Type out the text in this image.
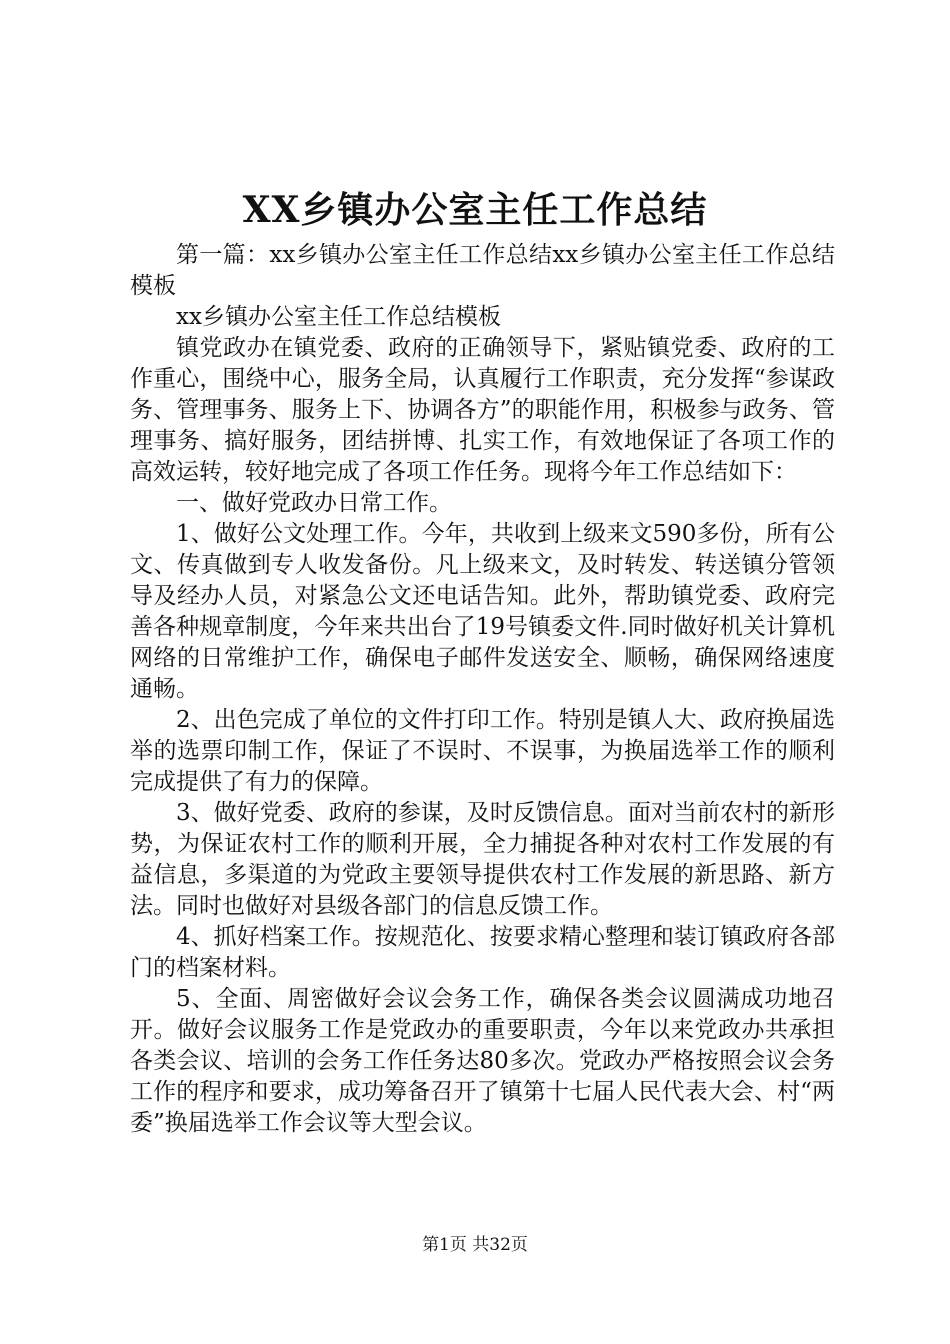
XX乡镇办公室主任工作总结

第一篇：xx乡镇办公室主任工作总结xx乡镇办公室主任工作总结模板

xx乡镇办公室主任工作总结模板

镇党政办在镇党委、政府的正确领导下，紧贴镇党委、政府的工作重心，围绕中心，服务全局，认真履行工作职责，充分发挥“参谋政务、管理事务、服务上下、协调各方”的职能作用，积极参与政务、管理事务、搞好服务，团结拼博、扎实工作，有效地保证了各项工作的高效运转，较好地完成了各项工作任务。现将今年工作总结如下：

一、做好党政办日常工作。

1、做好公文处理工作。今年，共收到上级来文590多份，所有公文、传真做到专人收发备份。凡上级来文，及时转发、转送镇分管领导及经办人员，对紧急公文还电话告知。此外，帮助镇党委、政府完善各种规章制度，今年来共出台了19号镇委文件.同时做好机关计算机网络的日常维护工作，确保电子邮件发送安全、顺畅，确保网络速度通畅。

2、出色完成了单位的文件打印工作。特别是镇人大、政府换届选举的选票印制工作，保证了不误时、不误事，为换届选举工作的顺利完成提供了有力的保障。

3、做好党委、政府的参谋，及时反馈信息。面对当前农村的新形势，为保证农村工作的顺利开展，全力捕捉各种对农村工作发展的有益信息，多渠道的为党政主要领导提供农村工作发展的新思路、新方法。同时也做好对县级各部门的信息反馈工作。

4、抓好档案工作。按规范化、按要求精心整理和装订镇政府各部门的档案材料。

5、全面、周密做好会议会务工作，确保各类会议圆满成功地召开。做好会议服务工作是党政办的重要职责，今年以来党政办共承担各类会议、培训的会务工作任务达80多次。党政办严格按照会议会务工作的程序和要求，成功筹备召开了镇第十七届人民代表大会、村“两委”换届选举工作会议等大型会议。

第1页 共32页
